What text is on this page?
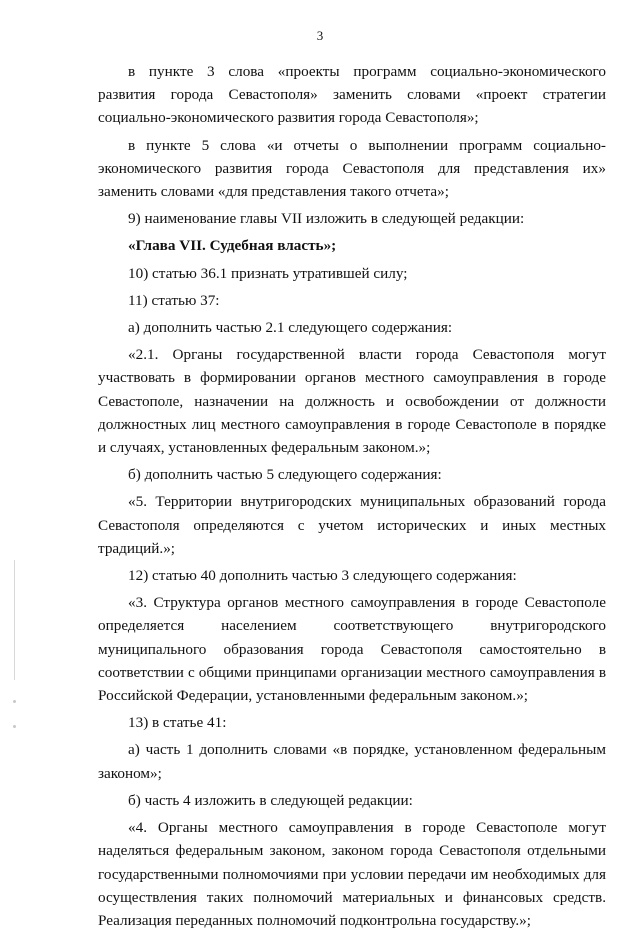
3

в пункте 3 слова «проекты программ социально-экономического развития города Севастополя» заменить словами «проект стратегии социально-экономического развития города Севастополя»;

в пункте 5 слова «и отчеты о выполнении программ социально-экономического развития города Севастополя для представления их» заменить словами «для представления такого отчета»;

9) наименование главы VII изложить в следующей редакции:

«Глава VII. Судебная власть»;

10) статью 36.1 признать утратившей силу;

11) статью 37:

а) дополнить частью 2.1 следующего содержания:

«2.1. Органы государственной власти города Севастополя могут участвовать в формировании органов местного самоуправления в городе Севастополе, назначении на должность и освобождении от должности должностных лиц местного самоуправления в городе Севастополе в порядке и случаях, установленных федеральным законом.»;

б) дополнить частью 5 следующего содержания:

«5. Территории внутригородских муниципальных образований города Севастополя определяются с учетом исторических и иных местных традиций.»;

12) статью 40 дополнить частью 3 следующего содержания:

«3. Структура органов местного самоуправления в городе Севастополе определяется населением соответствующего внутригородского муниципального образования города Севастополя самостоятельно в соответствии с общими принципами организации местного самоуправления в Российской Федерации, установленными федеральным законом.»;

13) в статье 41:

а) часть 1 дополнить словами «в порядке, установленном федеральным законом»;

б) часть 4 изложить в следующей редакции:

«4. Органы местного самоуправления в городе Севастополе могут наделяться федеральным законом, законом города Севастополя отдельными государственными полномочиями при условии передачи им необходимых для осуществления таких полномочий материальных и финансовых средств. Реализация переданных полномочий подконтрольна государству.»;
